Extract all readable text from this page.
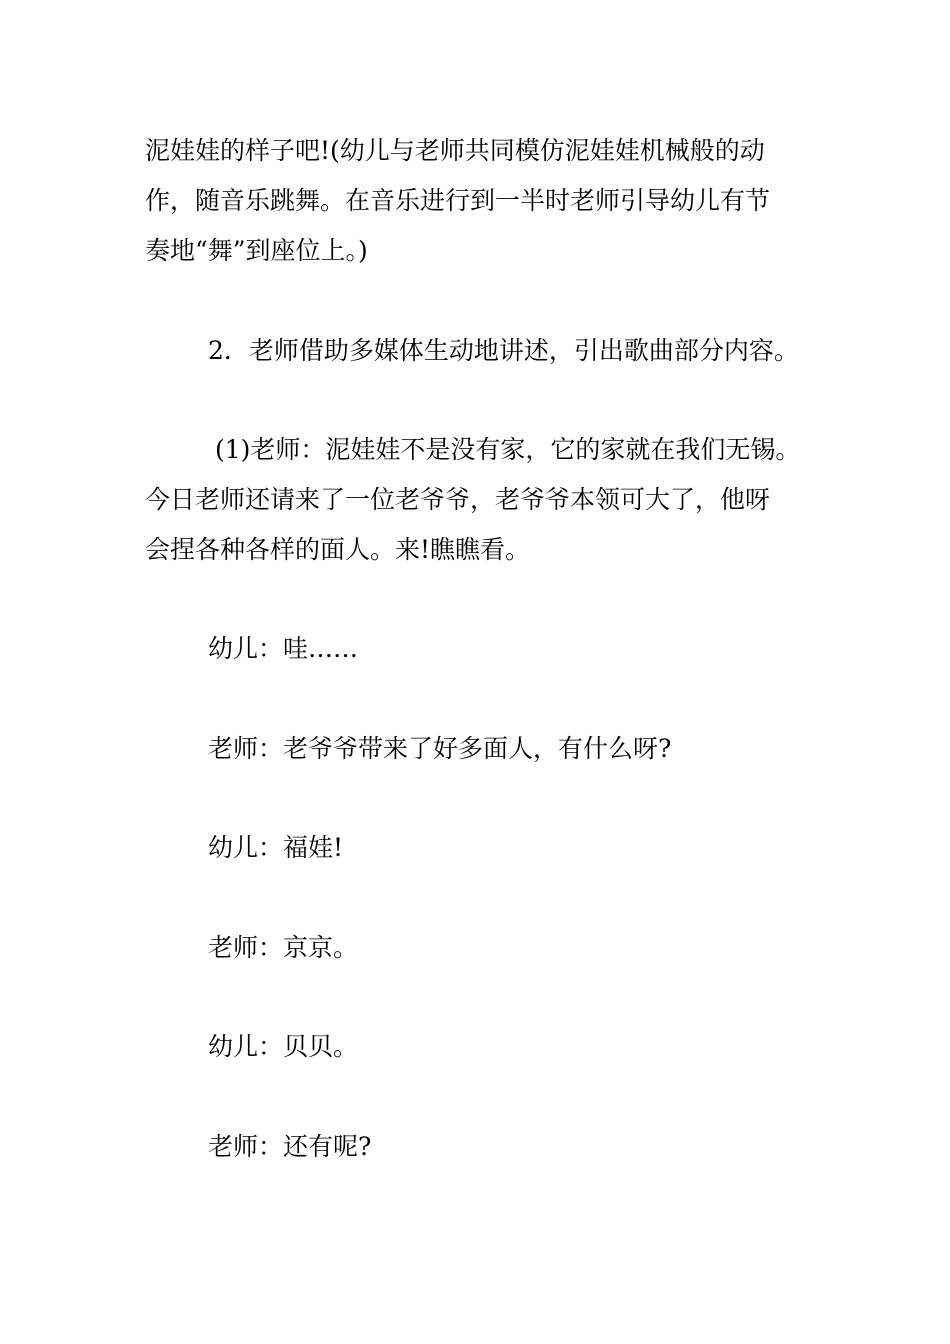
泥娃娃的样子吧!(幼儿与老师共同模仿泥娃娃机械般的动
作，随音乐跳舞。在音乐进行到一半时老师引导幼儿有节
奏地“舞”到座位上。)
2．老师借助多媒体生动地讲述，引出歌曲部分内容。
(1)老师：泥娃娃不是没有家，它的家就在我们无锡。
今日老师还请来了一位老爷爷，老爷爷本领可大了，他呀
会捏各种各样的面人。来!瞧瞧看。
幼儿：哇……
老师：老爷爷带来了好多面人，有什么呀?
幼儿：福娃!
老师：京京。
幼儿：贝贝。
老师：还有呢?
